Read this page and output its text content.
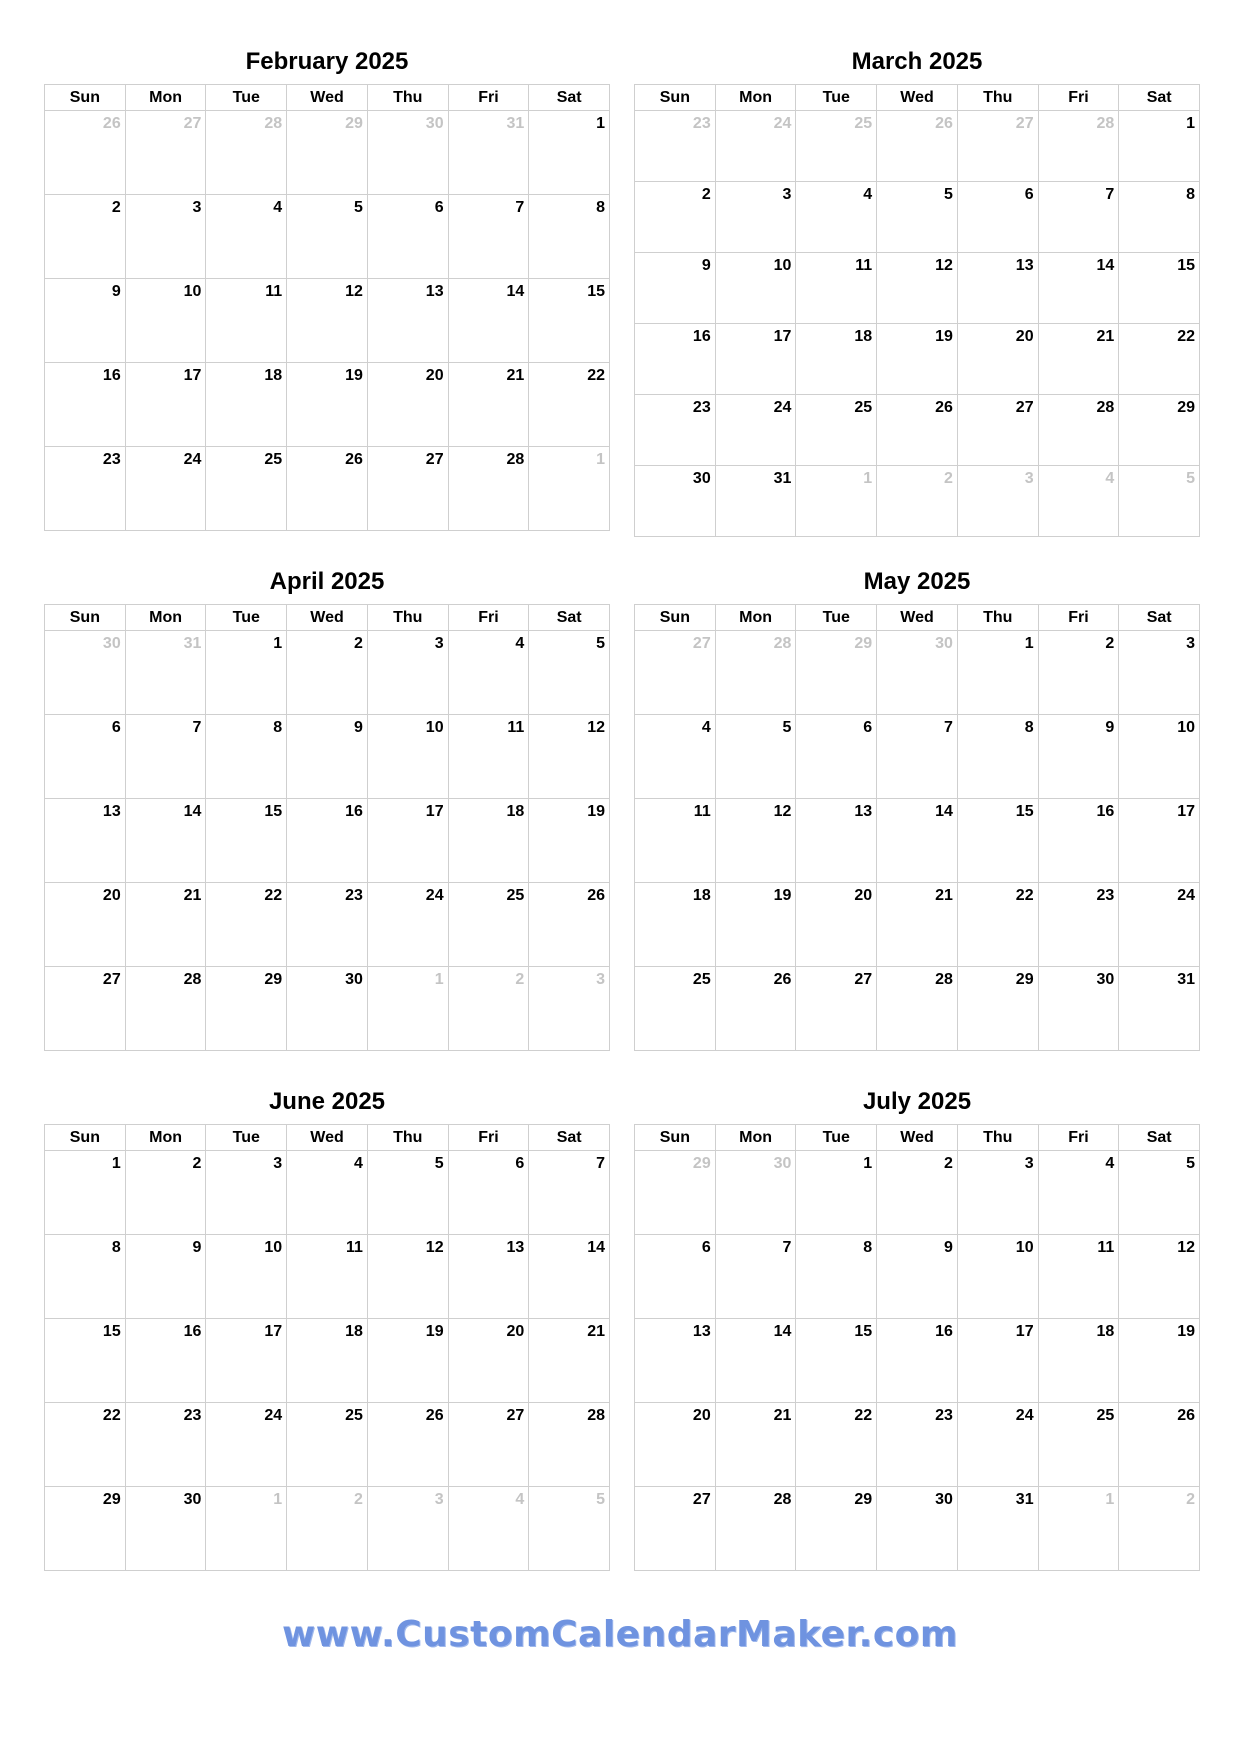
February 2025
Sun	Mon	Tue	Wed	Thu	Fri	Sat
26	27	28	29	30	31	1
2	3	4	5	6	7	8
9	10	11	12	13	14	15
16	17	18	19	20	21	22
23	24	25	26	27	28	1
March 2025
Sun	Mon	Tue	Wed	Thu	Fri	Sat
23	24	25	26	27	28	1
2	3	4	5	6	7	8
9	10	11	12	13	14	15
16	17	18	19	20	21	22
23	24	25	26	27	28	29
30	31	1	2	3	4	5
April 2025
Sun	Mon	Tue	Wed	Thu	Fri	Sat
30	31	1	2	3	4	5
6	7	8	9	10	11	12
13	14	15	16	17	18	19
20	21	22	23	24	25	26
27	28	29	30	1	2	3
May 2025
Sun	Mon	Tue	Wed	Thu	Fri	Sat
27	28	29	30	1	2	3
4	5	6	7	8	9	10
11	12	13	14	15	16	17
18	19	20	21	22	23	24
25	26	27	28	29	30	31
June 2025
Sun	Mon	Tue	Wed	Thu	Fri	Sat
1	2	3	4	5	6	7
8	9	10	11	12	13	14
15	16	17	18	19	20	21
22	23	24	25	26	27	28
29	30	1	2	3	4	5
July 2025
Sun	Mon	Tue	Wed	Thu	Fri	Sat
29	30	1	2	3	4	5
6	7	8	9	10	11	12
13	14	15	16	17	18	19
20	21	22	23	24	25	26
27	28	29	30	31	1	2
www.CustomCalendarMaker.com
